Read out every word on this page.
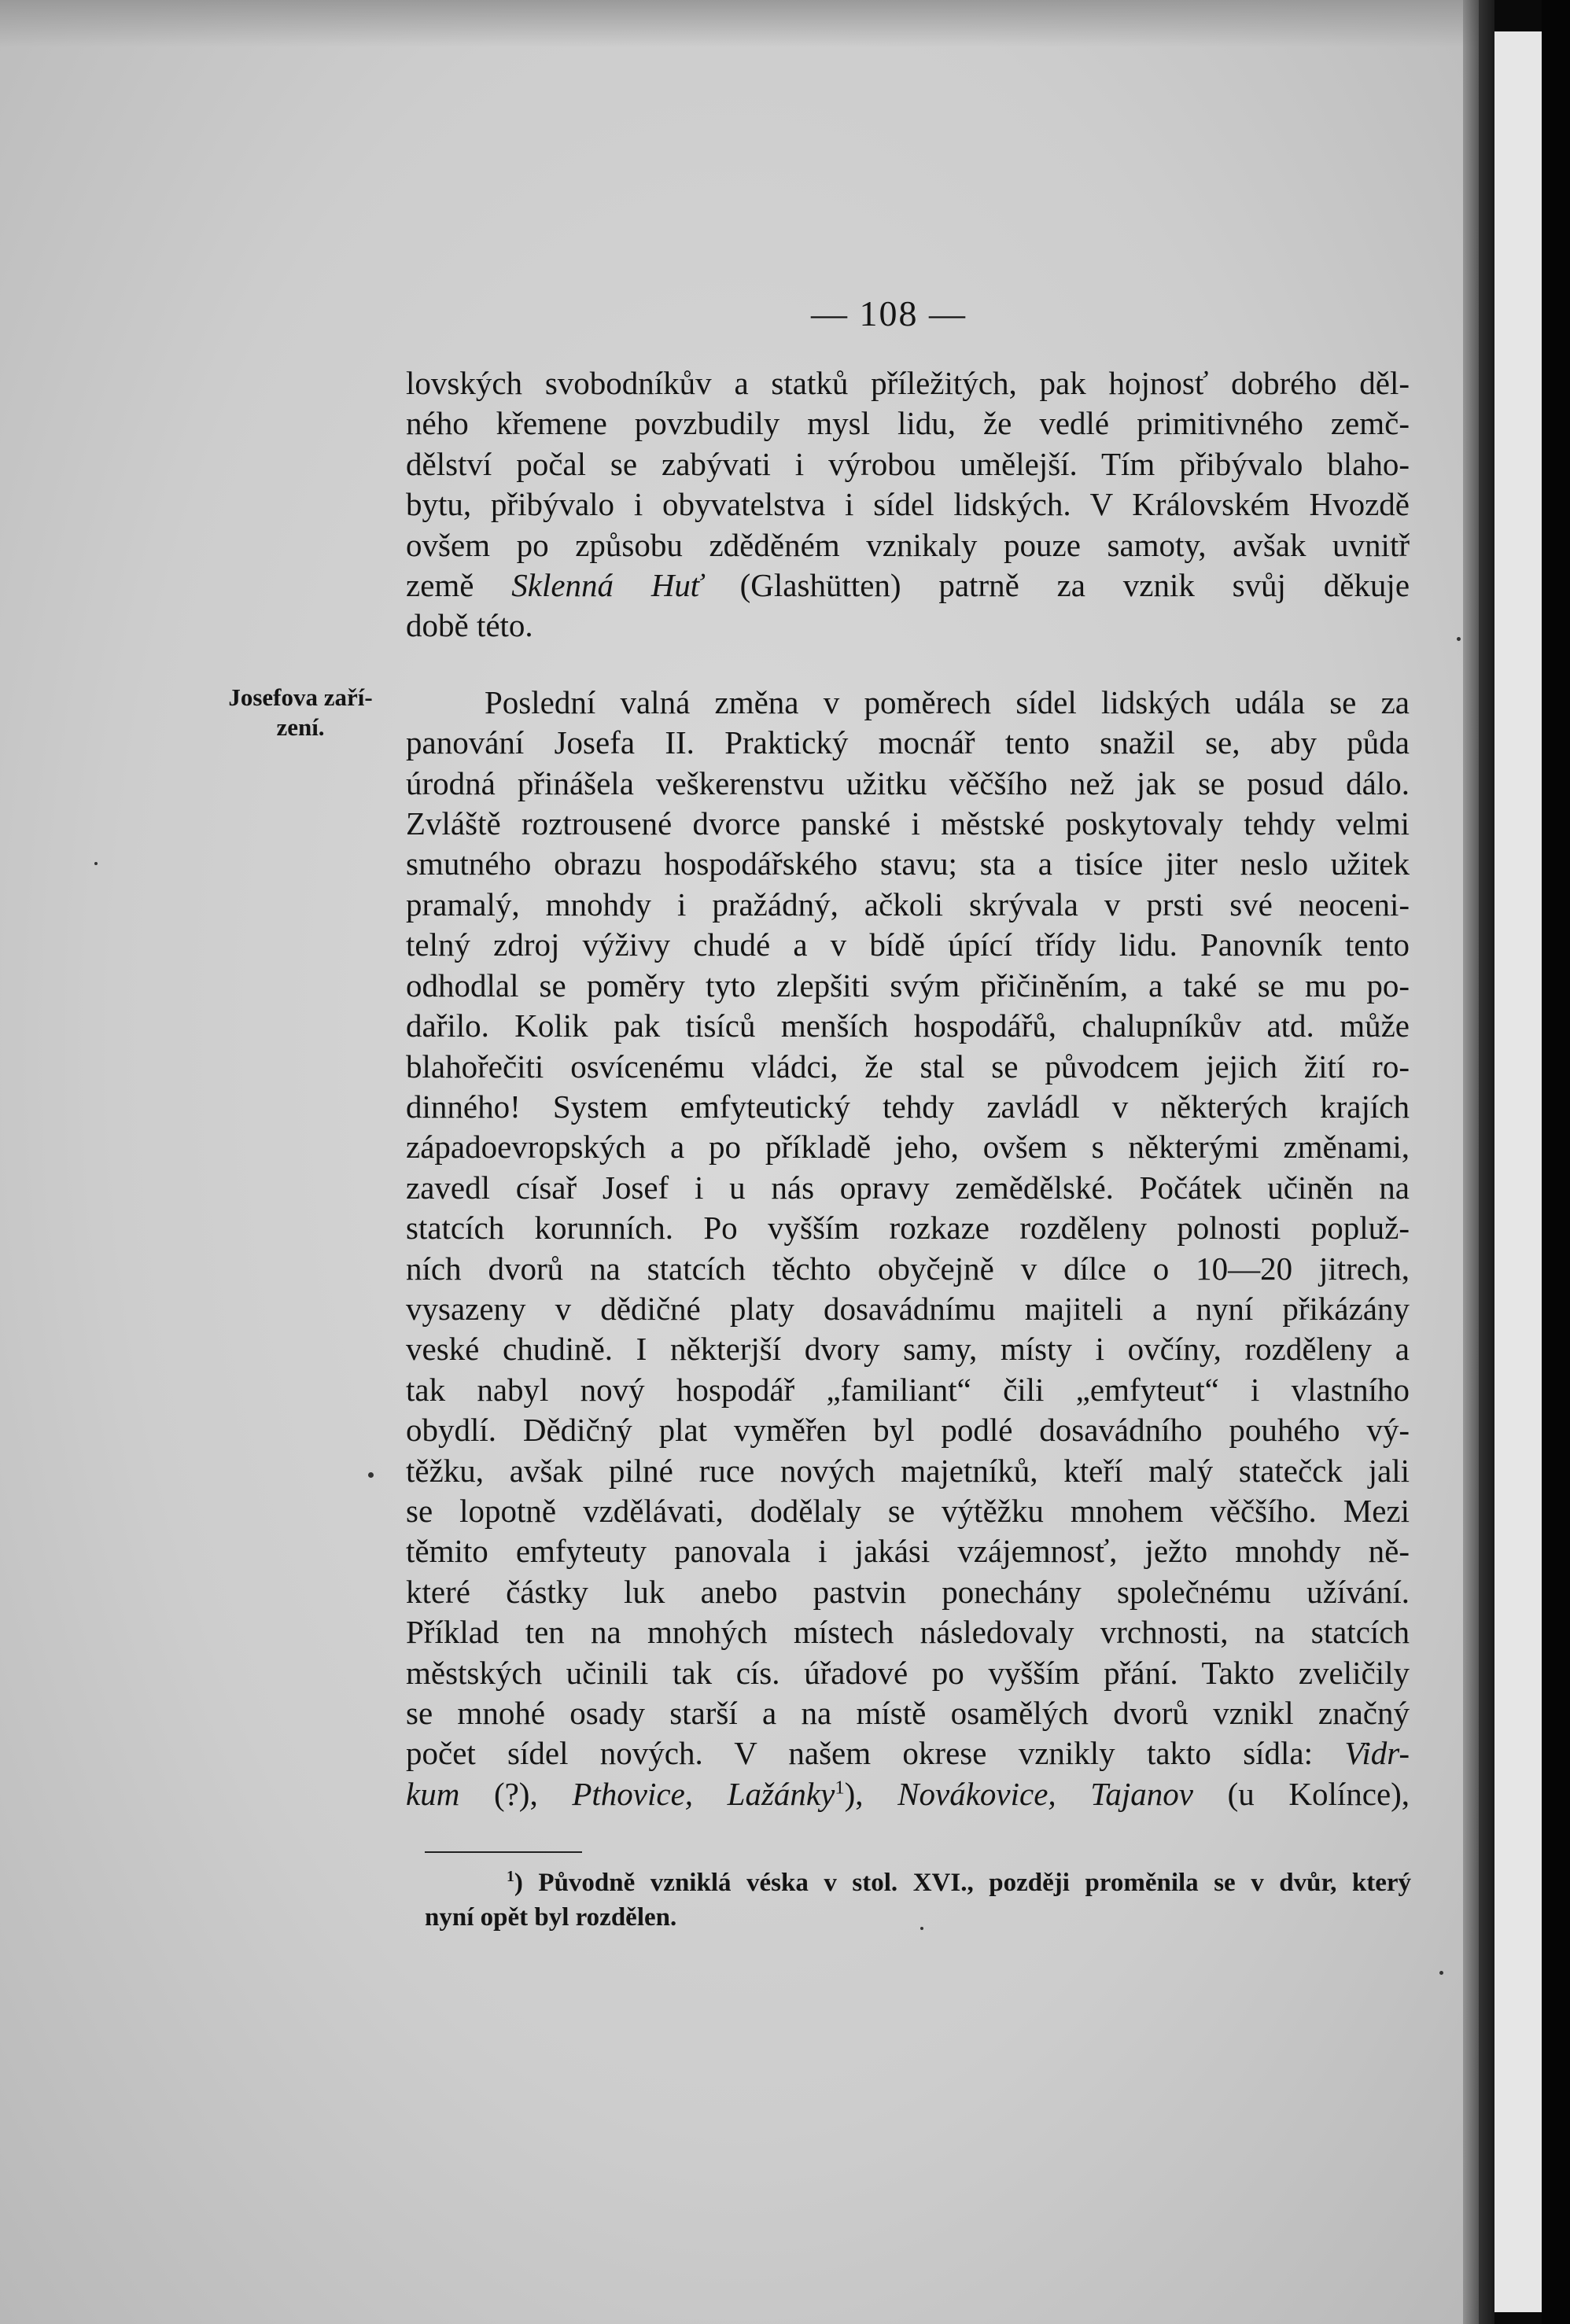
— 108 —
Josefova zaří-
zení.
lovských svobodníkův a statků příležitých, pak hojnosť dobrého děl-
ného křemene povzbudily mysl lidu, že vedlé primitivného zemč-
dělství počal se zabývati i výrobou umělejší. Tím přibývalo blaho-
bytu, přibývalo i obyvatelstva i sídel lidských. V Královském Hvozdě
ovšem po způsobu zděděném vznikaly pouze samoty, avšak uvnitř
země Sklenná Huť (Glashütten) patrně za vznik svůj děkuje
době této.
Poslední valná změna v poměrech sídel lidských udála se za
panování Josefa II. Praktický mocnář tento snažil se, aby půda
úrodná přinášela veškerenstvu užitku věčšího než jak se posud dálo.
Zvláště roztrousené dvorce panské i městské poskytovaly tehdy velmi
smutného obrazu hospodářského stavu; sta a tisíce jiter neslo užitek
pramalý, mnohdy i pražádný, ačkoli skrývala v prsti své neoceni-
telný zdroj výživy chudé a v bídě úpící třídy lidu. Panovník tento
odhodlal se poměry tyto zlepšiti svým přičiněním, a také se mu po-
dařilo. Kolik pak tisíců menších hospodářů, chalupníkův atd. může
blahořečiti osvícenému vládci, že stal se původcem jejich žití ro-
dinného! System emfyteutický tehdy zavládl v některých krajích
západoevropských a po příkladě jeho, ovšem s některými změnami,
zavedl císař Josef i u nás opravy zemědělské. Počátek učiněn na
statcích korunních. Po vyšším rozkaze rozděleny polnosti popluž-
ních dvorů na statcích těchto obyčejně v dílce o 10—20 jitrech,
vysazeny v dědičné platy dosavádnímu majiteli a nyní přikázány
veské chudině. I některjší dvory samy, místy i ovčíny, rozděleny a
tak nabyl nový hospodář „familiant“ čili „emfyteut“ i vlastního
obydlí. Dědičný plat vyměřen byl podlé dosavádního pouhého vý-
těžku, avšak pilné ruce nových majetníků, kteří malý statečck jali
se lopotně vzdělávati, dodělaly se výtěžku mnohem věčšího. Mezi
těmito emfyteuty panovala i jakási vzájemnosť, ježto mnohdy ně-
které částky luk anebo pastvin ponechány společnému užívání.
Příklad ten na mnohých místech následovaly vrchnosti, na statcích
městských učinili tak cís. úřadové po vyšším přání. Takto zveličily
se mnohé osady starší a na místě osamělých dvorů vznikl značný
počet sídel nových. V našem okrese vznikly takto sídla: Vidr-
kum (?), Pthovice, Lažánky$^1$), Novákovice, Tajanov (u Kolínce),
$^1$) Původně vzniklá véska v stol. XVI., později proměnila se v dvůr, který
nyní opět byl rozdělen.
